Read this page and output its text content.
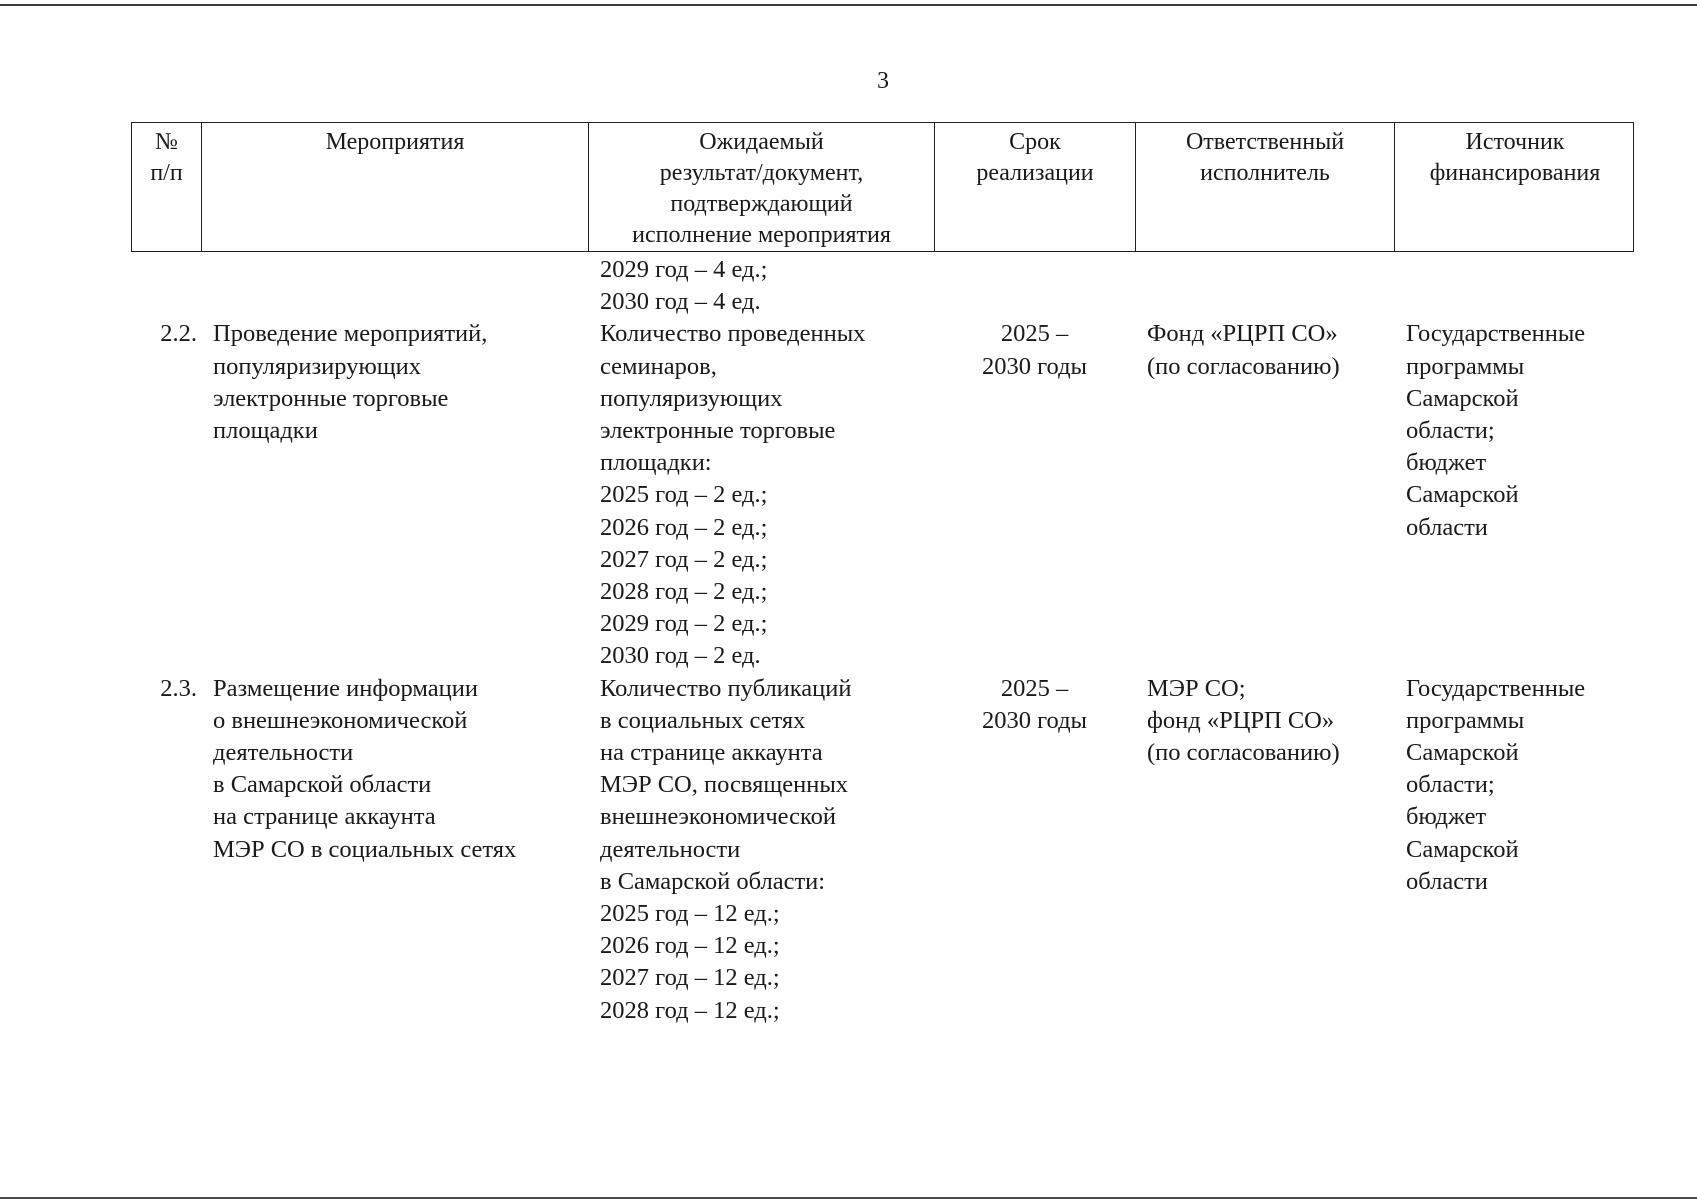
3
№
п/п
Мероприятия	Ожидаемый
результат/документ,
подтверждающий
исполнение мероприятия
Срок
реализации
Ответственный
исполнитель
Источник
финансирования
2029 год – 4 ед.;
2030 год – 4 ед.
2.2. Проведение мероприятий,
популяризирующих
электронные торговые
площадки
Количество проведенных
семинаров,
популяризующих
электронные торговые
площадки:
2025 год – 2 ед.;
2026 год – 2 ед.;
2027 год – 2 ед.;
2028 год – 2 ед.;
2029 год – 2 ед.;
2030 год – 2 ед.
2025 –
2030 годы
Фонд «РЦРП СО»
(по согласованию)
Государственные
программы
Самарской
области;
бюджет
Самарской
области
2.3. Размещение информации
о внешнеэкономической
деятельности
в Самарской области
на странице аккаунта
МЭР СО в социальных сетях
Количество публикаций
в социальных сетях
на странице аккаунта
МЭР СО, посвященных
внешнеэкономической
деятельности
в Самарской области:
2025 год – 12 ед.;
2026 год – 12 ед.;
2027 год – 12 ед.;
2028 год – 12 ед.;
2025 –
2030 годы
МЭР СО;
фонд «РЦРП СО»
(по согласованию)
Государственные
программы
Самарской
области;
бюджет
Самарской
области
